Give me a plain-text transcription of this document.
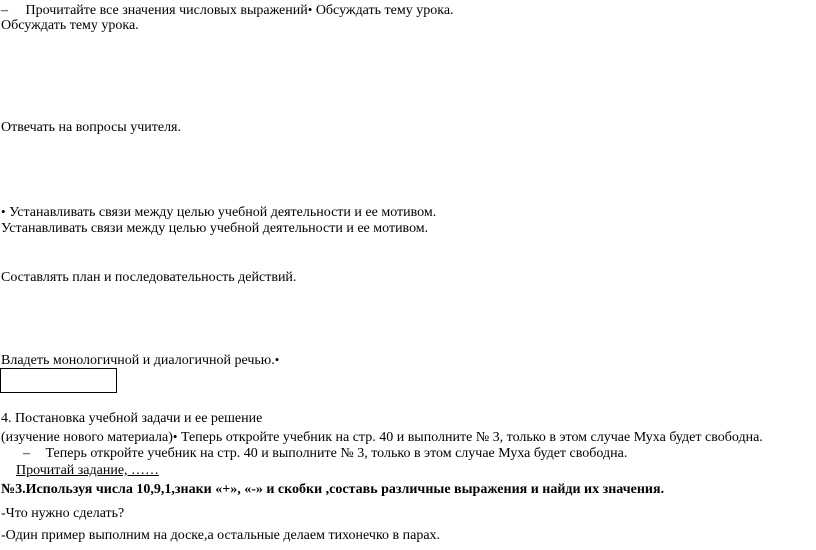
– Прочитайте все значения числовых выражений• Обсуждать тему урока.
Обсуждать тему урока.
Отвечать на вопросы учителя.
• Устанавливать связи между целью учебной деятельности и ее мотивом.
Устанавливать связи между целью учебной деятельности и ее мотивом.
Составлять план и последовательность действий.
Владеть монологичной и диалогичной речью.•
4. Постановка учебной задачи и ее решение
(изучение нового материала)• Теперь откройте учебник на стр. 40 и выполните № 3, только в этом случае Муха будет свободна.
– Теперь откройте учебник на стр. 40 и выполните № 3, только в этом случае Муха будет свободна.
Прочитай задание, ……
№3.Используя числа 10,9,1,знаки «+», «-» и скобки ,составь различные выражения и найди их значения.
-Что нужно сделать?
-Один пример выполним на доске,а остальные делаем тихонечко в парах.
